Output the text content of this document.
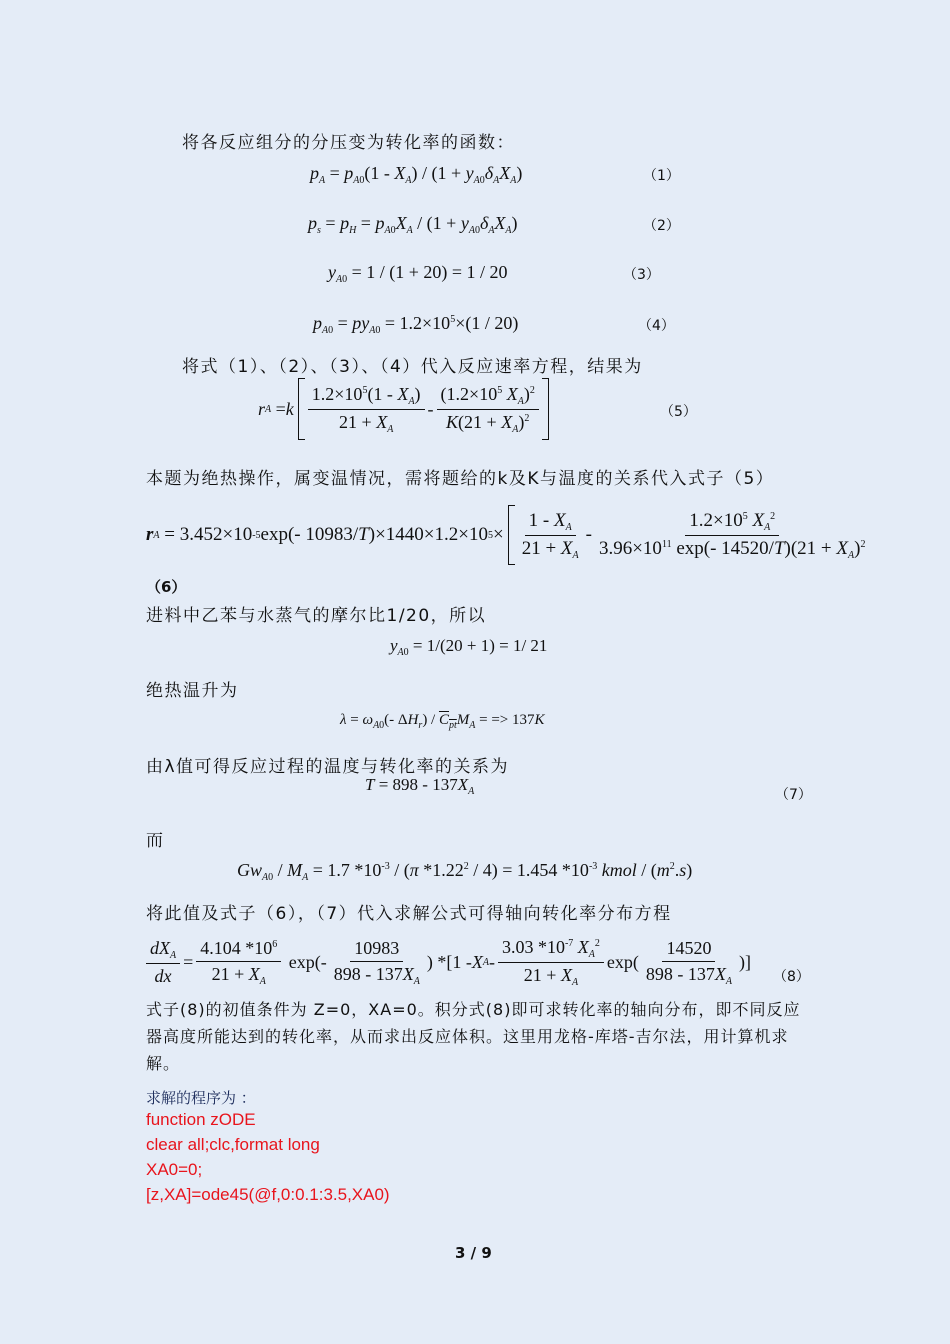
将各反应组分的分压变为转化率的函数：
$p_A = p_{A0}(1 - X_A) / (1 + y_{A0}\delta_AX_A)$	（1）
$p_s = p_H = p_{A0}X_A / (1 + y_{A0}\delta_AX_A)$	（2）
$y_{A0} = 1 / (1 + 20) = 1 / 20$	（3）
$p_{A0} = py_{A0} = 1.2\times 10^5\times(1 / 20)$	（4）
将式（1）、（2）、（3）、（4）代入反应速率方程，结果为
r A = k $\frac{1.2\times 10^5(1 - X_A)}{21 + X_A} - \frac{(1.2\times 10^5 X_A)^2}{K(21 + X_A)^2}$	（5）
本题为绝热操作，属变温情况，需将题给的k及K与温度的关系代入式子（5）
r A = 3.452×10 -5 exp(- 10983/ T )×1440×1.2×10 $5 \times \frac{1 - X_A}{21 + X_A} - \frac{1.2\times 10^5 X_A^2}{3.96\times 10^{11} \exp(- 14520/T)(21 + X_A)^2}$
（6）
进料中乙苯与水蒸气的摩尔比1/20，所以
$y_{A0} = 1/(20 + 1) = 1/$ 21
绝热温升为
$\lambda = \omega_{A0}(-$ $\Delta H_r) / C_{pt}M_A$ = => 137K
由λ值可得反应过程的温度与转化率的关系为
$T = 898 - 137X_A$	（7）
而
$Gw_{A0} / M_A = 1.7$ $*10^{-3} / (\pi$ *1.22$^2$ / 4) = 1.454 $*10^{-3}$ kmol / $(m^2.s)$
将此值及式子（6），（7）代入求解公式可得轴向转化率分布方程
$\frac{dX_A}{dx} = \frac{4.104 *10^6}{21 + X_A} \exp(- \frac{10983}{898 - 137X_A}$ ) *[1 - X A - $\frac{3.03 *10^{-7} X_A^2}{21 + X_A} \exp( \frac{14520}{898 - 137X_A}$ )]
（8）
式子(8)的初值条件为 Z=0，XA=0。积分式(8)即可求转化率的轴向分布，即不同反应器高度所能达到的转化率，从而求出反应体积。这里用龙格-库塔-吉尔法，用计算机求解。
求解的程序为 ：
function zODE
clear all;clc,format long
XA0=0;
[z,XA]=ode45(@f,0:0.1:3.5,XA0)
3 / 9
